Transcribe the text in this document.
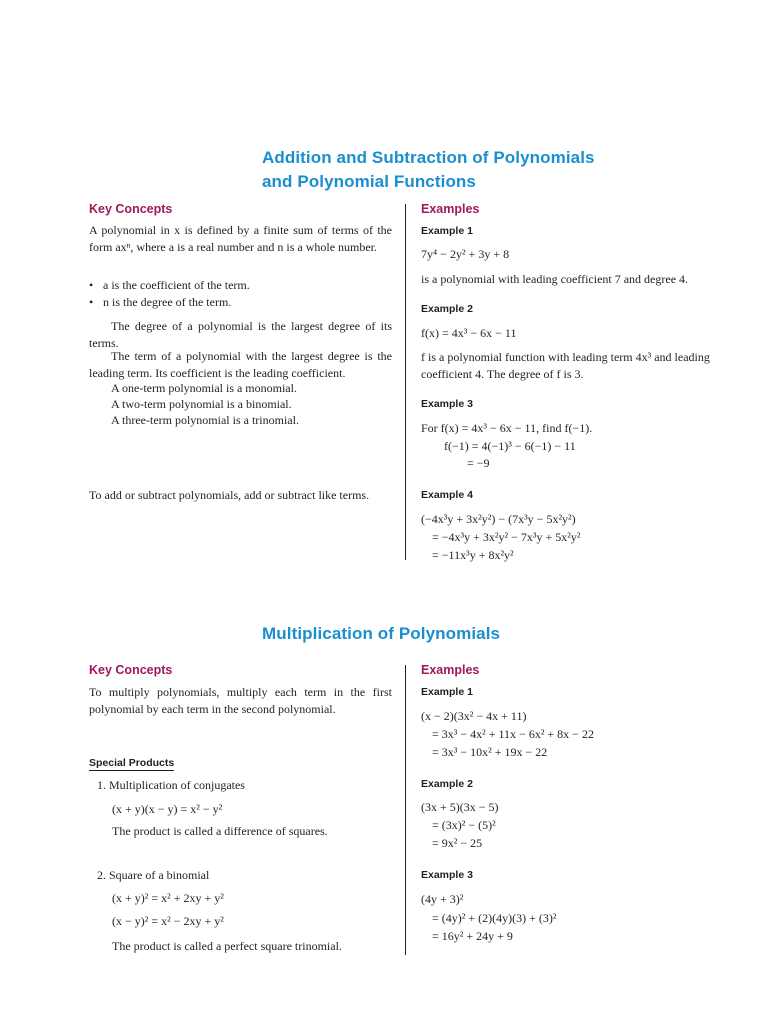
Addition and Subtraction of Polynomials
and Polynomial Functions
Key Concepts	Examples
A polynomial in x is defined by a finite sum of terms of the form axⁿ, where a is a real number and n is a whole number.
• a is the coefficient of the term.
• n is the degree of the term.
The degree of a polynomial is the largest degree of its terms.
The term of a polynomial with the largest degree is the leading term. Its coefficient is the leading coefficient.
A one-term polynomial is a monomial.
A two-term polynomial is a binomial.
A three-term polynomial is a trinomial.
To add or subtract polynomials, add or subtract like terms.
Example 1
7y⁴ − 2y² + 3y + 8
is a polynomial with leading coefficient 7 and degree 4.
Example 2
f(x) = 4x³ − 6x − 11
f is a polynomial function with leading term 4x³ and leading coefficient 4. The degree of f is 3.
Example 3
For f(x) = 4x³ − 6x − 11, find f(−1).
f(−1) = 4(−1)³ − 6(−1) − 11
= −9
Example 4
(−4x³y + 3x²y²) − (7x³y − 5x²y²)
= −4x³y + 3x²y² − 7x³y + 5x²y²
= −11x³y + 8x²y²
Multiplication of Polynomials
Key Concepts	Examples
To multiply polynomials, multiply each term in the first polynomial by each term in the second polynomial.
Special Products
1. Multiplication of conjugates
(x + y)(x − y) = x² − y²
The product is called a difference of squares.
2. Square of a binomial
(x + y)² = x² + 2xy + y²
(x − y)² = x² − 2xy + y²
The product is called a perfect square trinomial.
Example 1
(x − 2)(3x² − 4x + 11)
= 3x³ − 4x² + 11x − 6x² + 8x − 22
= 3x³ − 10x² + 19x − 22
Example 2
(3x + 5)(3x − 5)
= (3x)² − (5)²
= 9x² − 25
Example 3
(4y + 3)²
= (4y)² + (2)(4y)(3) + (3)²
= 16y² + 24y + 9
